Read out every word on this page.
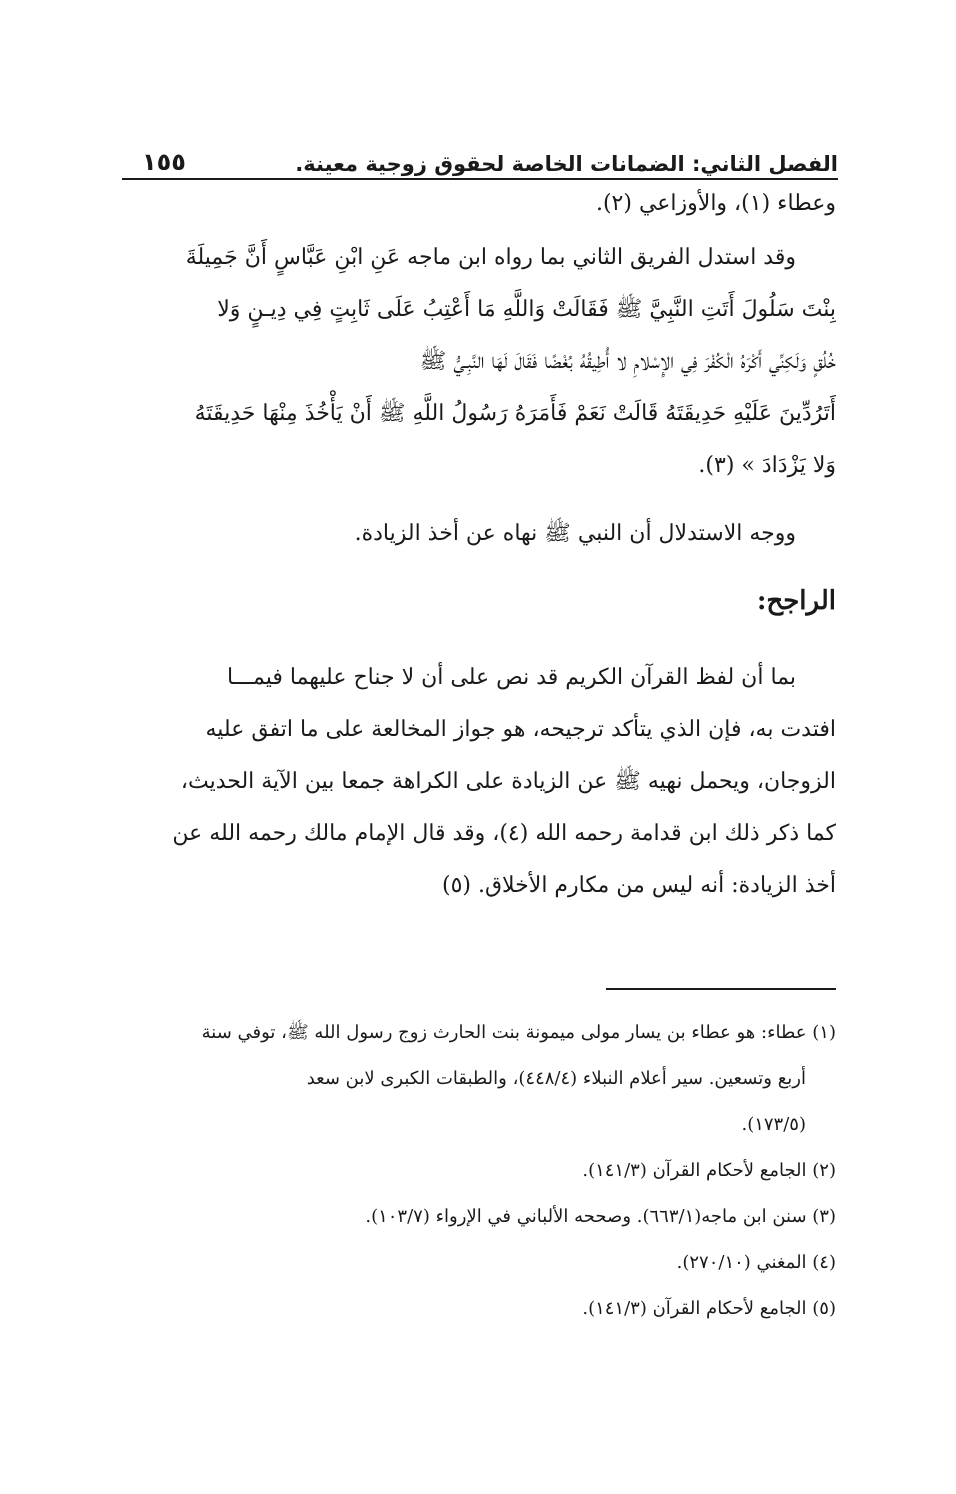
الفصل الثاني: الضمانات الخاصة لحقوق زوجية معينة.
١٥٥
وعطاء (١)، والأوزاعي (٢).
وقد استدل الفريق الثاني بما رواه ابن ماجه عَنِ ابْنِ عَبَّاسٍ أَنَّ جَمِيلَةَ
بِنْتَ سَلُولَ أَتَتِ النَّبِيَّ ﷺ فَقَالَتْ وَاللَّهِ مَا أَعْتِبُ عَلَى ثَابِتٍ فِي دِيـنٍ وَلا
خُلُقٍ وَلَكِنِّي أَكْرَهُ الْكُفْرَ فِي الإِسْلامِ لا أُطِيقُهُ بُغْضًا فَقَالَ لَهَا النَّبِـيُّ ﷺ
أَتَرُدِّينَ عَلَيْهِ حَدِيقَتَهُ قَالَتْ نَعَمْ فَأَمَرَهُ رَسُولُ اللَّهِ ﷺ أَنْ يَأْخُذَ مِنْهَا حَدِيقَتَهُ
وَلا يَزْدَادَ » (٣).
ووجه الاستدلال أن النبي ﷺ نهاه عن أخذ الزيادة.
الراجح:
بما أن لفظ القرآن الكريم قد نص على أن لا جناح عليهما فيمـــا
افتدت به، فإن الذي يتأكد ترجيحه، هو جواز المخالعة على ما اتفق عليه
الزوجان، ويحمل نهيه ﷺ عن الزيادة على الكراهة جمعا بين الآية الحديث،
كما ذكر ذلك ابن قدامة رحمه الله (٤)، وقد قال الإمام مالك رحمه الله عن
أخذ الزيادة: أنه ليس من مكارم الأخلاق. (٥)
(١) عطاء: هو عطاء بن يسار مولى ميمونة بنت الحارث زوج رسول الله ﷺ، توفي سنة
أربع وتسعين. سير أعلام النبلاء (٤٤٨/٤)، والطبقات الكبرى لابن سعد
(١٧٣/٥).
(٢) الجامع لأحكام القرآن (١٤١/٣).
(٣) سنن ابن ماجه(٦٦٣/١). وصححه الألباني في الإرواء (١٠٣/٧).
(٤) المغني (٢٧٠/١٠).
(٥) الجامع لأحكام القرآن (١٤١/٣).
